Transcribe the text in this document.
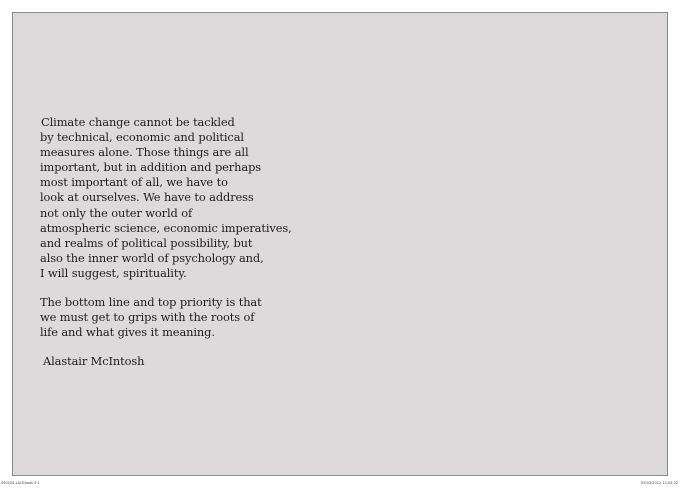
Climate change cannot be tackled
by technical, economic and political
measures alone. Those things are all
important, but in addition and perhaps
most important of all, we have to
look at ourselves. We have to address
not only the outer world of
atmospheric science, economic imperatives,
and realms of political possibility, but
also the inner world of psychology and,
I will suggest, spirituality.

The bottom line and top priority is that
we must get to grips with the roots of
life and what gives it meaning.

Alastair McIntosh
090205-LACEbook 9 1	09/03/2012 12:03:32
